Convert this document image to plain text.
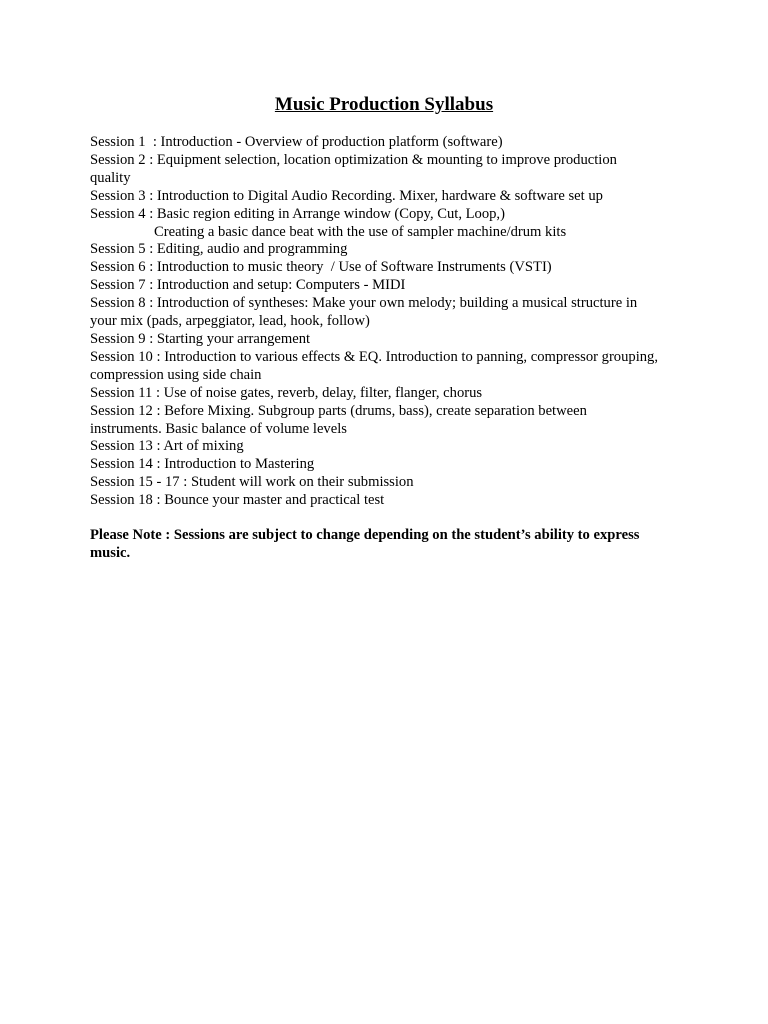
Music Production Syllabus
Session 1  : Introduction - Overview of production platform (software)
Session 2 : Equipment selection, location optimization & mounting to improve production
quality
Session 3 : Introduction to Digital Audio Recording. Mixer, hardware & software set up
Session 4 : Basic region editing in Arrange window (Copy, Cut, Loop,)
Creating a basic dance beat with the use of sampler machine/drum kits
Session 5 : Editing, audio and programming
Session 6 : Introduction to music theory  / Use of Software Instruments (VSTI)
Session 7 : Introduction and setup: Computers - MIDI
Session 8 : Introduction of syntheses: Make your own melody; building a musical structure in
your mix (pads, arpeggiator, lead, hook, follow)
Session 9 : Starting your arrangement
Session 10 : Introduction to various effects & EQ. Introduction to panning, compressor grouping,
compression using side chain
Session 11 : Use of noise gates, reverb, delay, filter, flanger, chorus
Session 12 : Before Mixing. Subgroup parts (drums, bass), create separation between
instruments. Basic balance of volume levels
Session 13 : Art of mixing
Session 14 : Introduction to Mastering
Session 15 - 17 : Student will work on their submission
Session 18 : Bounce your master and practical test
Please Note : Sessions are subject to change depending on the student’s ability to express music.
